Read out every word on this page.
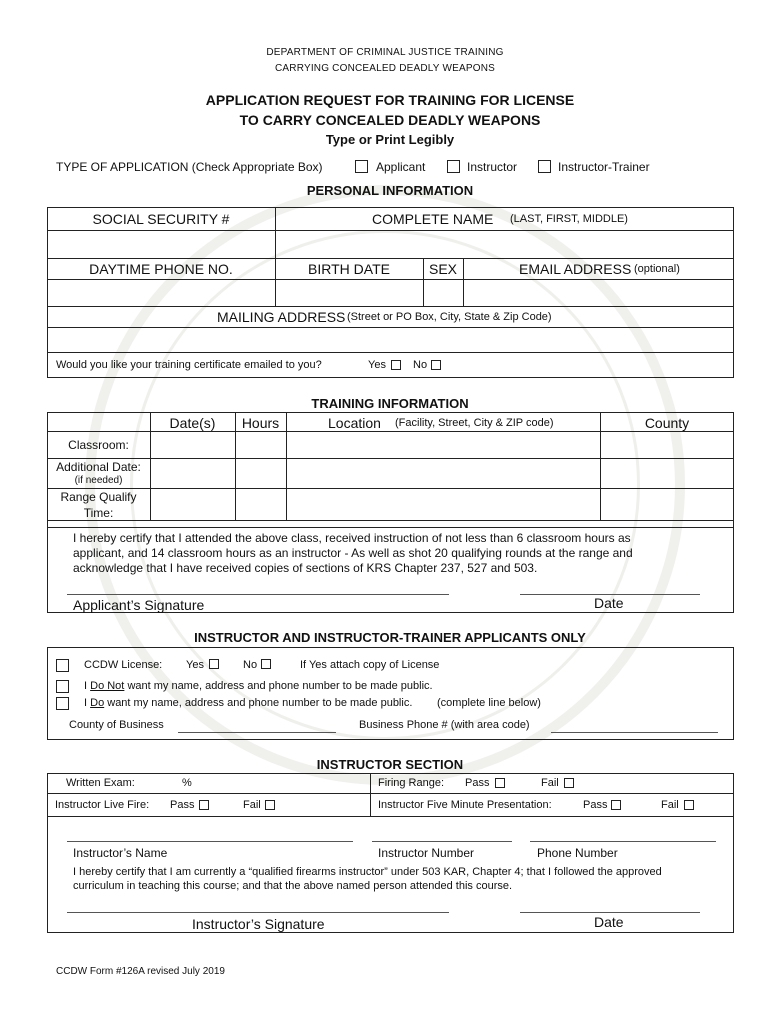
DEPARTMENT OF CRIMINAL JUSTICE TRAINING
CARRYING CONCEALED DEADLY WEAPONS
APPLICATION REQUEST FOR TRAINING FOR LICENSE
TO CARRY CONCEALED DEADLY WEAPONS
Type or Print Legibly
TYPE OF APPLICATION (Check Appropriate Box)	Applicant	Instructor	Instructor-Trainer
PERSONAL INFORMATION
SOCIAL SECURITY #	COMPLETE NAME (LAST, FIRST, MIDDLE)
DAYTIME PHONE NO.	BIRTH DATE	SEX	EMAIL ADDRESS (optional)
MAILING ADDRESS (Street or PO Box, City, State & Zip Code)
Would you like your training certificate emailed to you?	Yes No
TRAINING INFORMATION
Date(s)	Hours	Location (Facility, Street, City & ZIP code)	County
Classroom:
Additional Date:
(if needed)
Range Qualify
Time:
I hereby certify that I attended the above class, received instruction of not less than 6 classroom hours as
applicant, and 14 classroom hours as an instructor - As well as shot 20 qualifying rounds at the range and
acknowledge that I have received copies of sections of KRS Chapter 237, 527 and 503.
Applicant’s Signature	Date
INSTRUCTOR AND INSTRUCTOR-TRAINER APPLICANTS ONLY
CCDW License: Yes	No	If Yes attach copy of License
I Do Not want my name, address and phone number to be made public.
I Do want my name, address and phone number to be made public. (complete line below)
County of Business	Business Phone # (with area code)
INSTRUCTOR SECTION
Written Exam:	%	Firing Range: Pass	Fail
Instructor Live Fire: Pass	Fail	Instructor Five Minute Presentation:	Pass	Fail
Instructor’s Name	Instructor Number	Phone Number
I hereby certify that I am currently a “qualified firearms instructor” under 503 KAR, Chapter 4; that I followed the approved
curriculum in teaching this course; and that the above named person attended this course.
Instructor’s Signature	Date
CCDW Form #126A revised July 2019
